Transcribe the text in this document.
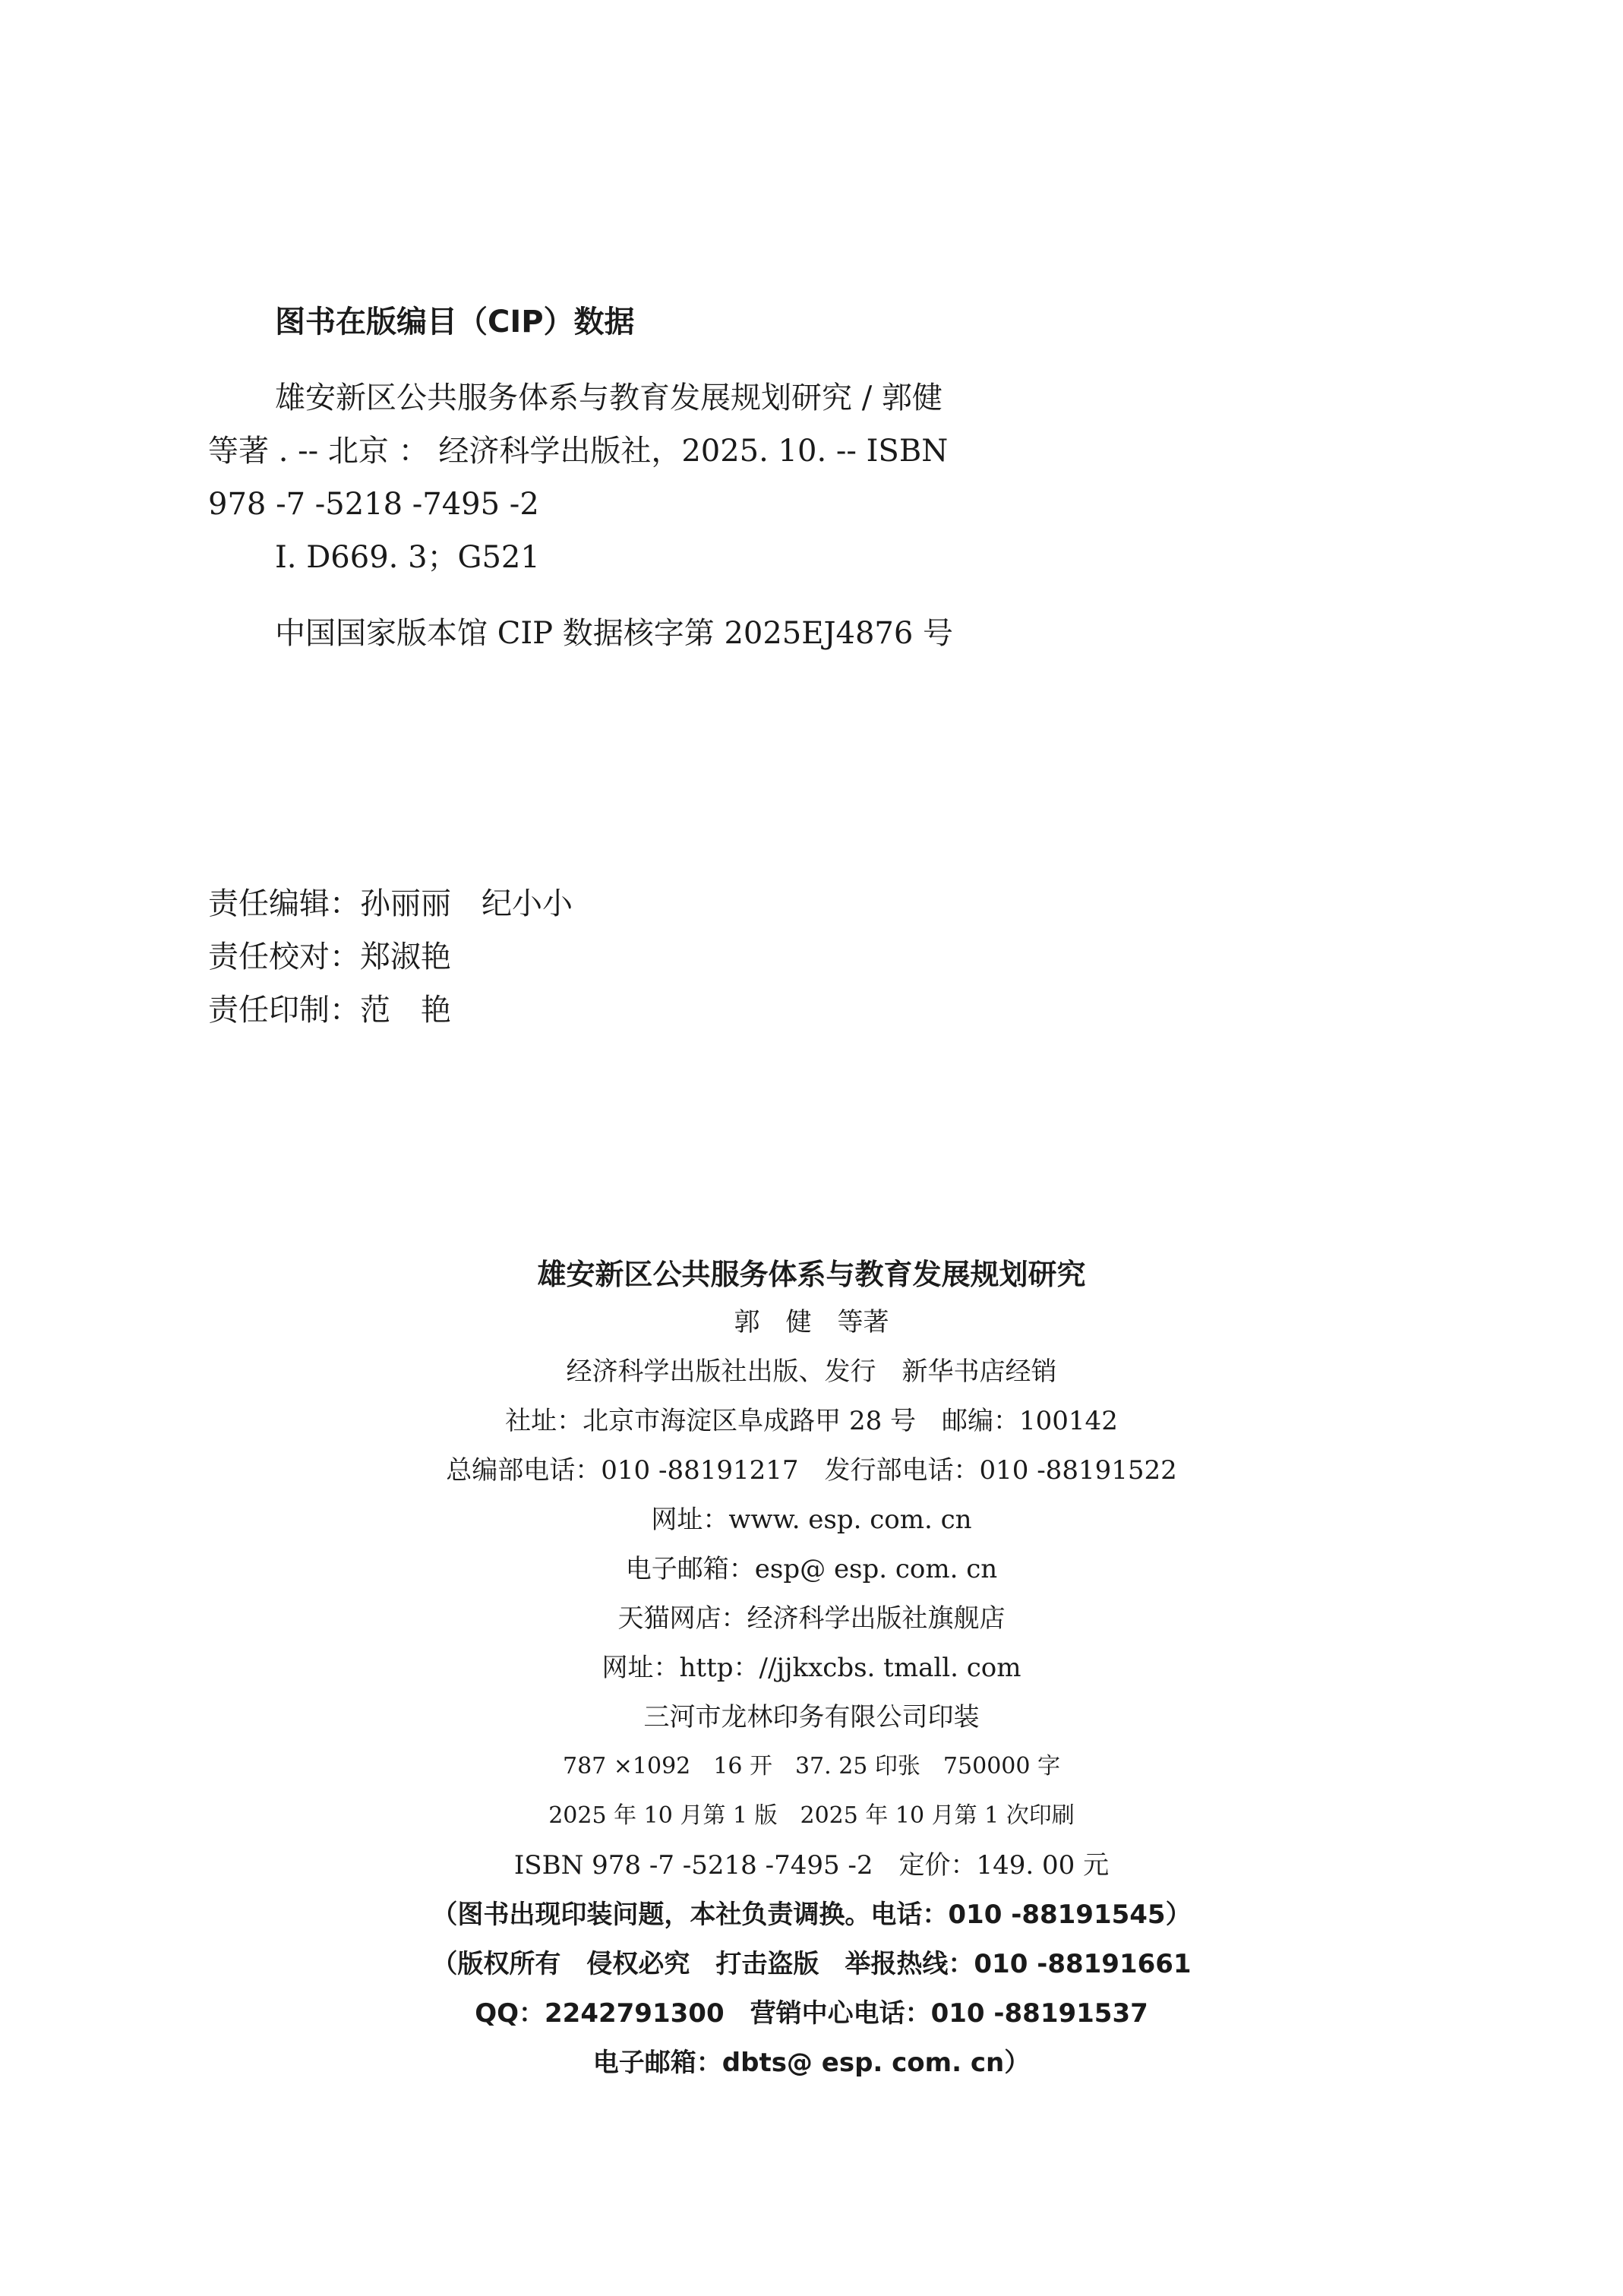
图书在版编目（CIP）数据
雄安新区公共服务体系与教育发展规划研究 / 郭健
等著 . -- 北京 ： 经济科学出版社，2025. 10. -- ISBN
978 -7 -5218 -7495 -2
Ⅰ. D669. 3；G521
中国国家版本馆 CIP 数据核字第 2025EJ4876 号
责任编辑：孙丽丽　纪小小
责任校对：郑淑艳
责任印制：范　艳
雄安新区公共服务体系与教育发展规划研究
郭　健　等著
经济科学出版社出版、发行　新华书店经销
社址：北京市海淀区阜成路甲 28 号　邮编：100142
总编部电话：010 -88191217　发行部电话：010 -88191522
网址：www. esp. com. cn
电子邮箱：esp@ esp. com. cn
天猫网店：经济科学出版社旗舰店
网址：http：//jjkxcbs. tmall. com
三河市龙林印务有限公司印装
787 ×1092　16 开　37. 25 印张　750000 字
2025 年 10 月第 1 版　2025 年 10 月第 1 次印刷
ISBN 978 -7 -5218 -7495 -2　定价：149. 00 元
（图书出现印装问题，本社负责调换。电话：010 -88191545）
（版权所有　侵权必究　打击盗版　举报热线：010 -88191661
QQ：2242791300　营销中心电话：010 -88191537
电子邮箱：dbts@ esp. com. cn）
